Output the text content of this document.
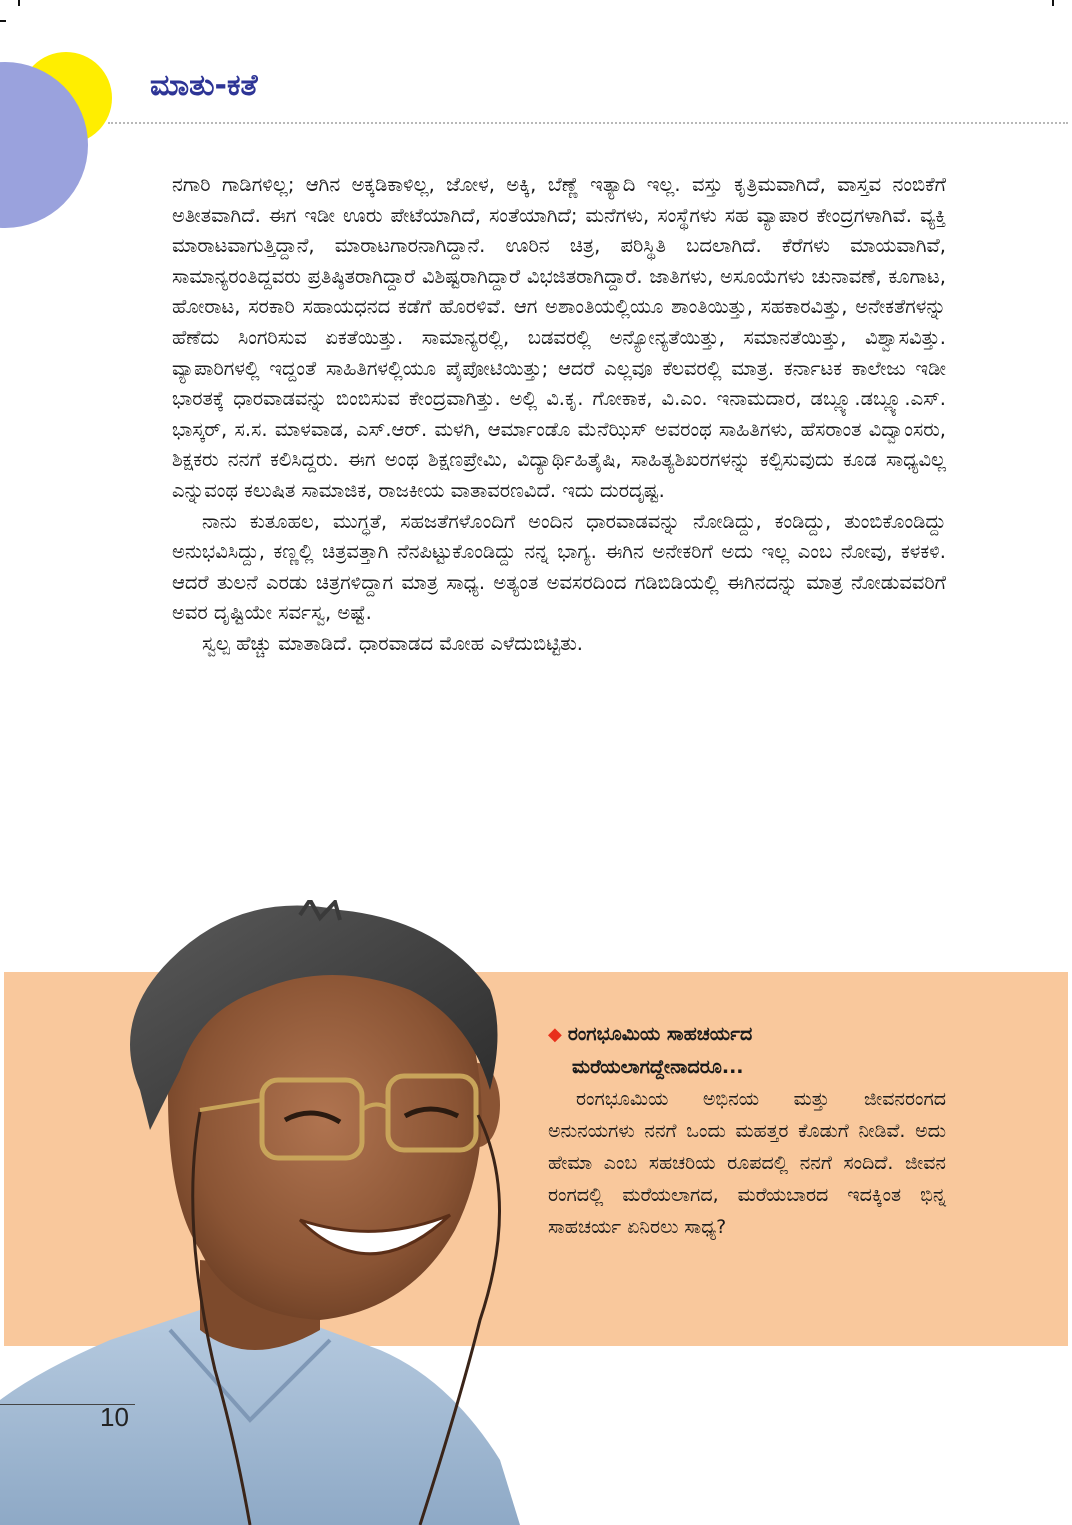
ಮಾತು-ಕತೆ

ನಗಾರಿ ಗಾಡಿಗಳಿಲ್ಲ; ಆಗಿನ ಅಕ್ಕಡಿಕಾಳಿಲ್ಲ, ಜೋಳ, ಅಕ್ಕಿ, ಬೆಣ್ಣೆ ಇತ್ಯಾದಿ ಇಲ್ಲ. ವಸ್ತು ಕೃತ್ರಿಮವಾಗಿದೆ, ವಾಸ್ತವ ನಂಬಿಕೆಗೆ ಅತೀತವಾಗಿದೆ. ಈಗ ಇಡೀ ಊರು ಪೇಟೆಯಾಗಿದೆ, ಸಂತೆಯಾಗಿದೆ; ಮನೆಗಳು, ಸಂಸ್ಥೆಗಳು ಸಹ ವ್ಯಾಪಾರ ಕೇಂದ್ರಗಳಾಗಿವೆ. ವ್ಯಕ್ತಿ ಮಾರಾಟವಾಗುತ್ತಿದ್ದಾನೆ, ಮಾರಾಟಗಾರನಾಗಿದ್ದಾನೆ. ಊರಿನ ಚಿತ್ರ, ಪರಿಸ್ಥಿತಿ ಬದಲಾಗಿದೆ. ಕೆರೆಗಳು ಮಾಯವಾಗಿವೆ, ಸಾಮಾನ್ಯರಂತಿದ್ದವರು ಪ್ರತಿಷ್ಠಿತರಾಗಿದ್ದಾರೆ ವಿಶಿಷ್ಟರಾಗಿದ್ದಾರೆ ವಿಭಜಿತರಾಗಿದ್ದಾರೆ. ಜಾತಿಗಳು, ಅಸೂಯೆಗಳು ಚುನಾವಣೆ, ಕೂಗಾಟ, ಹೋರಾಟ, ಸರಕಾರಿ ಸಹಾಯಧನದ ಕಡೆಗೆ ಹೊರಳಿವೆ. ಆಗ ಅಶಾಂತಿಯಲ್ಲಿಯೂ ಶಾಂತಿಯಿತ್ತು, ಸಹಕಾರವಿತ್ತು, ಅನೇಕತೆಗಳನ್ನು ಹೆಣೆದು ಸಿಂಗರಿಸುವ ಏಕತೆಯಿತ್ತು. ಸಾಮಾನ್ಯರಲ್ಲಿ, ಬಡವರಲ್ಲಿ ಅನ್ಯೋನ್ಯತೆಯಿತ್ತು, ಸಮಾನತೆಯಿತ್ತು, ವಿಶ್ವಾಸವಿತ್ತು. ವ್ಯಾಪಾರಿಗಳಲ್ಲಿ ಇದ್ದಂತೆ ಸಾಹಿತಿಗಳಲ್ಲಿಯೂ ಪೈಪೋಟಿಯಿತ್ತು; ಆದರೆ ಎಲ್ಲವೂ ಕೆಲವರಲ್ಲಿ ಮಾತ್ರ. ಕರ್ನಾಟಕ ಕಾಲೇಜು ಇಡೀ ಭಾರತಕ್ಕೆ ಧಾರವಾಡವನ್ನು ಬಿಂಬಿಸುವ ಕೇಂದ್ರವಾಗಿತ್ತು. ಅಲ್ಲಿ ವಿ.ಕೃ. ಗೋಕಾಕ, ವಿ.ಎಂ. ಇನಾಮದಾರ, ಡಬ್ಲ್ಯೂ.ಡಬ್ಲ್ಯೂ.ಎಸ್. ಭಾಸ್ಕರ್, ಸ.ಸ. ಮಾಳವಾಡ, ಎಸ್.ಆರ್. ಮಳಗಿ, ಆರ್ಮಾಂಡೊ ಮೆನೆಝಿಸ್ ಅವರಂಥ ಸಾಹಿತಿಗಳು, ಹೆಸರಾಂತ ವಿದ್ವಾಂಸರು, ಶಿಕ್ಷಕರು ನನಗೆ ಕಲಿಸಿದ್ದರು. ಈಗ ಅಂಥ ಶಿಕ್ಷಣಪ್ರೇಮಿ, ವಿದ್ಯಾರ್ಥಿಹಿತೈಷಿ, ಸಾಹಿತ್ಯಶಿಖರಗಳನ್ನು ಕಲ್ಪಿಸುವುದು ಕೂಡ ಸಾಧ್ಯವಿಲ್ಲ ಎನ್ನುವಂಥ ಕಲುಷಿತ ಸಾಮಾಜಿಕ, ರಾಜಕೀಯ ವಾತಾವರಣವಿದೆ. ಇದು ದುರದೃಷ್ಟ.

ನಾನು ಕುತೂಹಲ, ಮುಗ್ಧತೆ, ಸಹಜತೆಗಳೊಂದಿಗೆ ಅಂದಿನ ಧಾರವಾಡವನ್ನು ನೋಡಿದ್ದು, ಕಂಡಿದ್ದು, ತುಂಬಿಕೊಂಡಿದ್ದು ಅನುಭವಿಸಿದ್ದು, ಕಣ್ಣಲ್ಲಿ ಚಿತ್ರವತ್ತಾಗಿ ನೆನಪಿಟ್ಟುಕೊಂಡಿದ್ದು ನನ್ನ ಭಾಗ್ಯ. ಈಗಿನ ಅನೇಕರಿಗೆ ಅದು ಇಲ್ಲ ಎಂಬ ನೋವು, ಕಳಕಳಿ. ಆದರೆ ತುಲನೆ ಎರಡು ಚಿತ್ರಗಳಿದ್ದಾಗ ಮಾತ್ರ ಸಾಧ್ಯ. ಅತ್ಯಂತ ಅವಸರದಿಂದ ಗಡಿಬಿಡಿಯಲ್ಲಿ ಈಗಿನದನ್ನು ಮಾತ್ರ ನೋಡುವವರಿಗೆ ಅವರ ದೃಷ್ಟಿಯೇ ಸರ್ವಸ್ವ, ಅಷ್ಟೆ.

ಸ್ವಲ್ಪ ಹೆಚ್ಚು ಮಾತಾಡಿದೆ. ಧಾರವಾಡದ ಮೋಹ ಎಳೆದುಬಿಟ್ಟಿತು.

◆ ರಂಗಭೂಮಿಯ ಸಾಹಚರ್ಯದ
ಮರೆಯಲಾಗದ್ದೇನಾದರೂ...

ರಂಗಭೂಮಿಯ ಅಭಿನಯ ಮತ್ತು ಜೀವನರಂಗದ ಅನುನಯಗಳು ನನಗೆ ಒಂದು ಮಹತ್ತರ ಕೊಡುಗೆ ನೀಡಿವೆ. ಅದು ಹೇಮಾ ಎಂಬ ಸಹಚರಿಯ ರೂಪದಲ್ಲಿ ನನಗೆ ಸಂದಿದೆ. ಜೀವನ ರಂಗದಲ್ಲಿ ಮರೆಯಲಾಗದ, ಮರೆಯಬಾರದ ಇದಕ್ಕಿಂತ ಭಿನ್ನ ಸಾಹಚರ್ಯ ಏನಿರಲು ಸಾಧ್ಯ?

10
